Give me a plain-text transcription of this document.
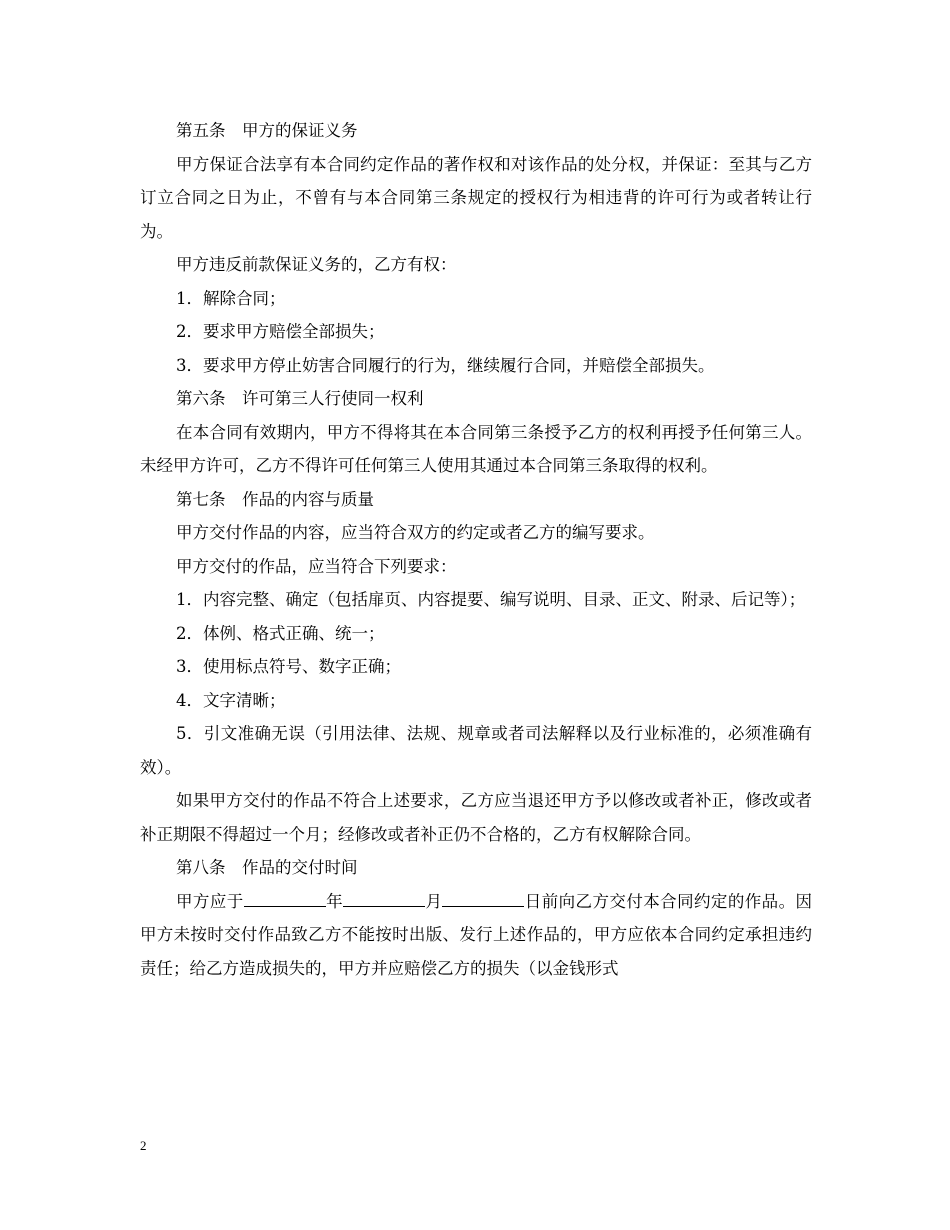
第五条　甲方的保证义务

甲方保证合法享有本合同约定作品的著作权和对该作品的处分权，并保证：至其与乙方订立合同之日为止，不曾有与本合同第三条规定的授权行为相违背的许可行为或者转让行为。

甲方违反前款保证义务的，乙方有权：

1．解除合同；

2．要求甲方赔偿全部损失；

3．要求甲方停止妨害合同履行的行为，继续履行合同，并赔偿全部损失。

第六条　许可第三人行使同一权利

在本合同有效期内，甲方不得将其在本合同第三条授予乙方的权利再授予任何第三人。未经甲方许可，乙方不得许可任何第三人使用其通过本合同第三条取得的权利。

第七条　作品的内容与质量

甲方交付作品的内容，应当符合双方的约定或者乙方的编写要求。

甲方交付的作品，应当符合下列要求：

1．内容完整、确定（包括扉页、内容提要、编写说明、目录、正文、附录、后记等）；

2．体例、格式正确、统一；

3．使用标点符号、数字正确；

4．文字清晰；

5．引文准确无误（引用法律、法规、规章或者司法解释以及行业标准的，必须准确有效）。

如果甲方交付的作品不符合上述要求，乙方应当退还甲方予以修改或者补正，修改或者补正期限不得超过一个月；经修改或者补正仍不合格的，乙方有权解除合同。

第八条　作品的交付时间

甲方应于	年	月	日前向乙方交付本合同约定的作品。因甲方未按时交付作品致乙方不能按时出版、发行上述作品的，甲方应依本合同约定承担违约责任；给乙方造成损失的，甲方并应赔偿乙方的损失（以金钱形式

2
